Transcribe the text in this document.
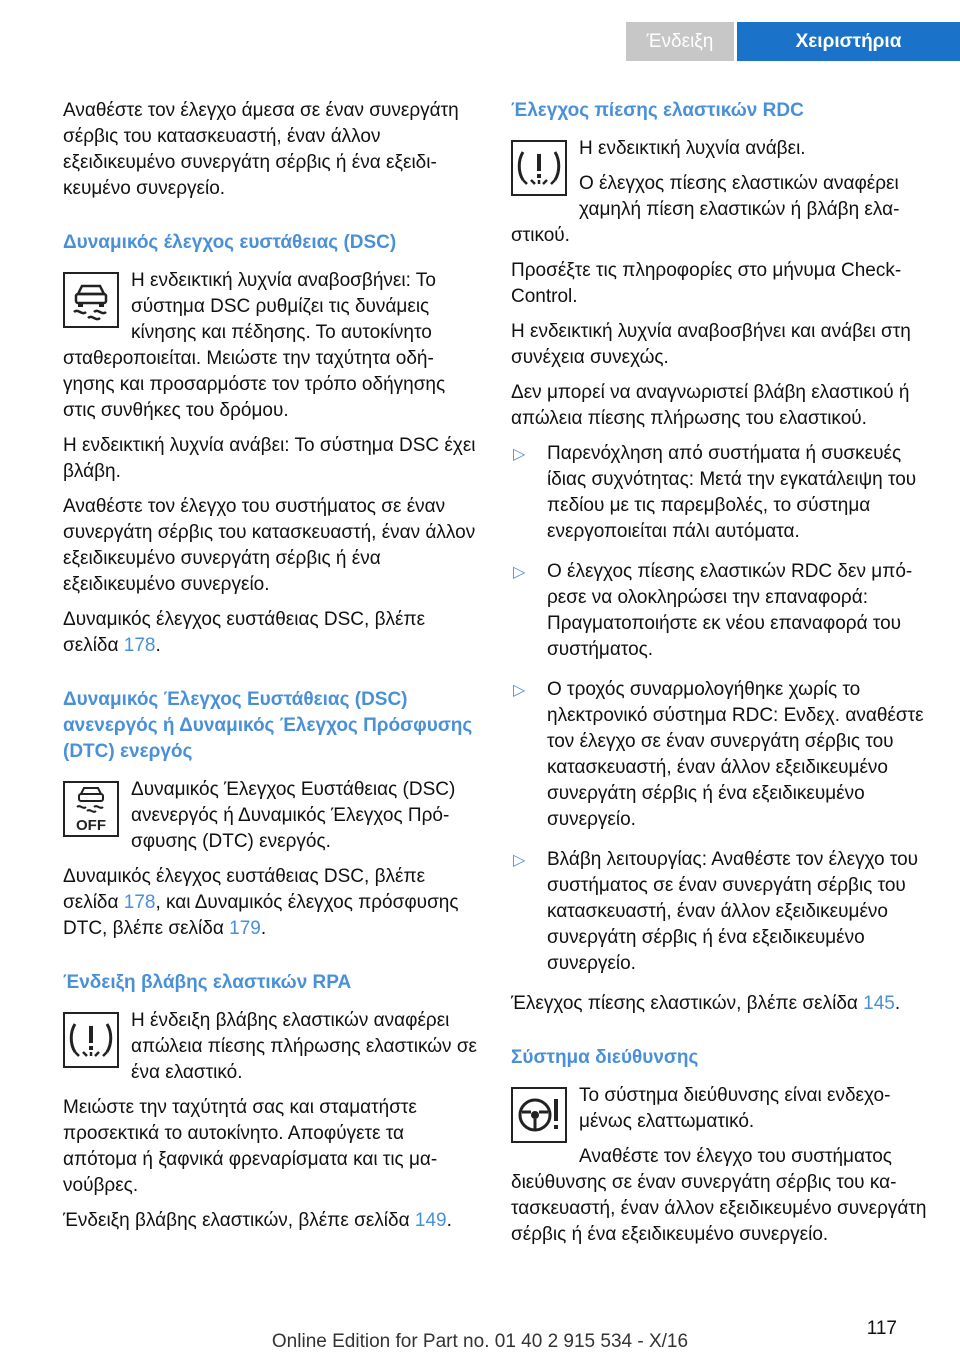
Ένδειξη	Χειριστήρια

Αναθέστε τον έλεγχο άμεσα σε έναν συνεργάτη σέρβις του κατασκευαστή, έναν άλλον εξειδικευμένο συνεργάτη σέρβις ή ένα εξειδικευμένο συνεργείο.

Δυναμικός έλεγχος ευστάθειας (DSC)

Η ενδεικτική λυχνία αναβοσβήνει: Το σύστημα DSC ρυθμίζει τις δυνάμεις κίνησης και πέδησης. Το αυτοκίνητο σταθεροποιείται. Μειώστε την ταχύτητα οδήγησης και προσαρμόστε τον τρόπο οδήγησης στις συνθήκες του δρόμου.

Η ενδεικτική λυχνία ανάβει: Το σύστημα DSC έχει βλάβη.

Αναθέστε τον έλεγχο του συστήματος σε έναν συνεργάτη σέρβις του κατασκευαστή, έναν άλλον εξειδικευμένο συνεργάτη σέρβις ή ένα εξειδικευμένο συνεργείο.

Δυναμικός έλεγχος ευστάθειας DSC, βλέπε σελίδα 178.

Δυναμικός Έλεγχος Ευστάθειας (DSC) ανενεργός ή Δυναμικός Έλεγχος Πρόσφυσης (DTC) ενεργός
OFF

Δυναμικός Έλεγχος Ευστάθειας (DSC) ανενεργός ή Δυναμικός Έλεγχος Πρόσφυσης (DTC) ενεργός.

Δυναμικός έλεγχος ευστάθειας DSC, βλέπε σελίδα 178, και Δυναμικός έλεγχος πρόσφυσης DTC, βλέπε σελίδα 179.

Ένδειξη βλάβης ελαστικών RPA

Η ένδειξη βλάβης ελαστικών αναφέρει απώλεια πίεσης πλήρωσης ελαστικών σε ένα ελαστικό.

Μειώστε την ταχύτητά σας και σταματήστε προσεκτικά το αυτοκίνητο. Αποφύγετε τα απότομα ή ξαφνικά φρεναρίσματα και τις μανούβρες.

Ένδειξη βλάβης ελαστικών, βλέπε σελίδα 149.

Έλεγχος πίεσης ελαστικών RDC

Η ενδεικτική λυχνία ανάβει.

Ο έλεγχος πίεσης ελαστικών αναφέρει χαμηλή πίεση ελαστικών ή βλάβη ελαστικού.

Προσέξτε τις πληροφορίες στο μήνυμα Check-Control.

Η ενδεικτική λυχνία αναβοσβήνει και ανάβει στη συνέχεια συνεχώς.

Δεν μπορεί να αναγνωριστεί βλάβη ελαστικού ή απώλεια πίεσης πλήρωσης του ελαστικού.

▷ Παρενόχληση από συστήματα ή συσκευές ίδιας συχνότητας: Μετά την εγκατάλειψη του πεδίου με τις παρεμβολές, το σύστημα ενεργοποιείται πάλι αυτόματα.
▷ Ο έλεγχος πίεσης ελαστικών RDC δεν μπόρεσε να ολοκληρώσει την επαναφορά: Πραγματοποιήστε εκ νέου επαναφορά του συστήματος.
▷ Ο τροχός συναρμολογήθηκε χωρίς το ηλεκτρονικό σύστημα RDC: Ενδεχ. αναθέστε τον έλεγχο σε έναν συνεργάτη σέρβις του κατασκευαστή, έναν άλλον εξειδικευμένο συνεργάτη σέρβις ή ένα εξειδικευμένο συνεργείο.
▷ Βλάβη λειτουργίας: Αναθέστε τον έλεγχο του συστήματος σε έναν συνεργάτη σέρβις του κατασκευαστή, έναν άλλον εξειδικευμένο συνεργάτη σέρβις ή ένα εξειδικευμένο συνεργείο.

Έλεγχος πίεσης ελαστικών, βλέπε σελίδα 145.

Σύστημα διεύθυνσης

Το σύστημα διεύθυνσης είναι ενδεχομένως ελαττωματικό.

Αναθέστε τον έλεγχο του συστήματος διεύθυνσης σε έναν συνεργάτη σέρβις του κατασκευαστή, έναν άλλον εξειδικευμένο συνεργάτη σέρβις ή ένα εξειδικευμένο συνεργείο.

117
Online Edition for Part no. 01 40 2 915 534 - X/16
